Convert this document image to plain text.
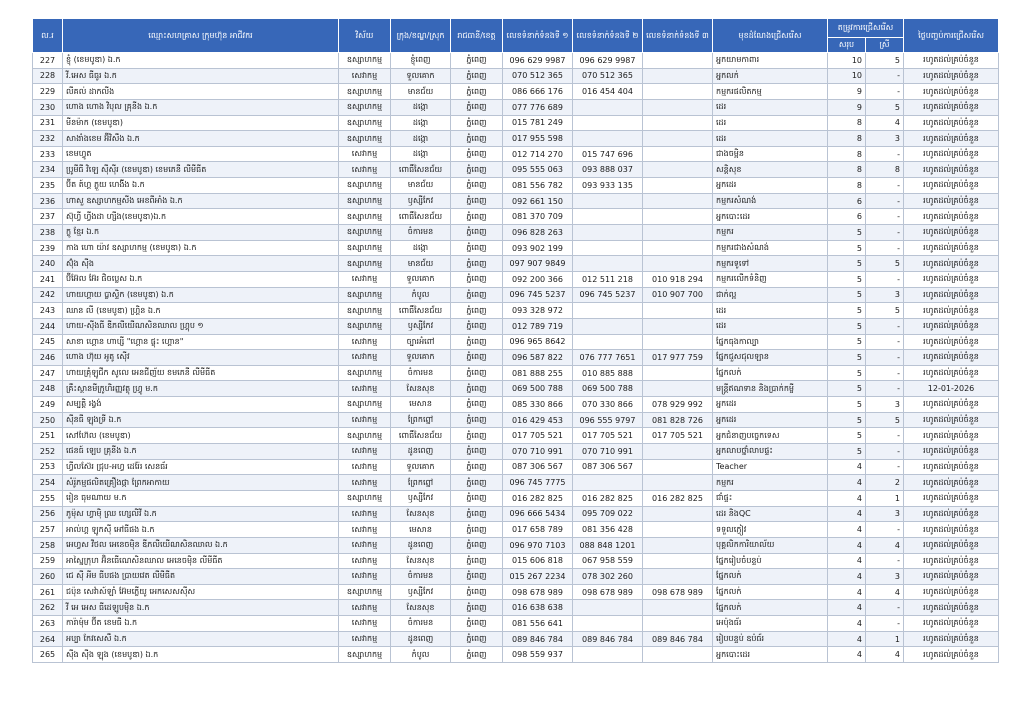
ល.រ	ឈ្មោះសហគ្រាស ក្រុមហ៊ុន អាជីវករ	វិស័យ	ក្រុង/ខណ្ឌ/ស្រុក	រាជធានី/ខេត្ត	លេខទំនាក់ទំនងទី ១	លេខទំនាក់ទំនងទី ២	លេខទំនាក់ទំនងទី ៣	មុខដំណែងជ្រើសរើស	តម្រូវការជ្រើសរើស		ថ្ងៃបញ្ចប់ការជ្រើសរើស
									សរុប	ស្រី	
227	ខ្ញុំ (ខេមបូឌា) ឯ.ក	ឧស្សាហកម្ម	ខ្ញុំពេញ	ភ្នំពេញ	096 629 9987	096 629 9987		អ្នកយាមកាពារ	10	5	រហូតដល់គ្រប់ចំនួន
228	វី.អេស ធីធូរ ឯ.ក	សេវាកម្ម	ទួលគោក	ភ្នំពេញ	070 512 365	070 512 365		អ្នកលក់	10	-	រហូតដល់គ្រប់ចំនួន
229	លីគល់ ដាកលីង	ឧស្សាហកម្ម	មានជ័យ	ភ្នំពេញ	086 666 176	016 454 404		កម្មករផលិតកម្ម	9	-	រហូតដល់គ្រប់ចំនួន
230	ហោង ហោង វិបុល គ្រុនីង ឯ.ក	ឧស្សាហកម្ម	ដង្កោ	ភ្នំពេញ	077 776 689			ដេរ	9	5	រហូតដល់គ្រប់ចំនួន
231	មីនម៉ាក (ខេមបូឌា)	ឧស្សាហកម្ម	ដង្កោ	ភ្នំពេញ	015 781 249			ដេរ	8	4	រហូតដល់គ្រប់ចំនួន
232	សាងាំងខេម អ៊ីវិសឹង ឯ.ក	ឧស្សាហកម្ម	ដង្កោ	ភ្នំពេញ	017 955 598			ដេរ	8	3	រហូតដល់គ្រប់ចំនួន
233	ខេមហ្វូត	សេវាកម្ម	ដង្កោ	ភ្នំពេញ	012 714 270	015 747 696		ជាងចម្អិន	8	-	រហូតដល់គ្រប់ចំនួន
234	ប្រូមីធី វិឡេ ស៊ីស៊ីរ (ខេមបូឌា) ខេមភេនី លីមីធីត	សេវាកម្ម	ពោធិ៍សែនជ័យ	ភ្នំពេញ	095 555 063	093 888 037		សន្តិសុខ	8	8	រហូតដល់គ្រប់ចំនួន
235	ប៊ីត ត៍ហ្គ ភ្លួយ ហេង៍ីង ឯ.ក	ឧស្សាហកម្ម	មានជ័យ	ភ្នំពេញ	081 556 782	093 933 135		អ្នកដេរ	8	-	រហូតដល់គ្រប់ចំនួន
236	ហាសួ ឧស្សាហកម្មសីង អេខពីអាំង ឯ.ក	ឧស្សាហកម្ម	ឫស្សីកែវ	ភ្នំពេញ	092 661 150			កម្មករសំណង់	6	-	រហូតដល់គ្រប់ចំនួន
237	ស៊ុហ្វី ហ្វីងដា ហ្សីង(ខេមបូឌា)ឯ.ក	ឧស្សាហកម្ម	ពោធិ៍សែនជ័យ	ភ្នំពេញ	081 370 709			អ្នកបោះដេរ	6	-	រហូតដល់គ្រប់ចំនួន
238	ក្លូ ខ្មែរ ឯ.ក	ឧស្សាហកម្ម	ចំការមន	ភ្នំពេញ	096 828 263			កម្មករ	5	-	រហូតដល់គ្រប់ចំនួន
239	កាង ហោ យ៉ាវ ឧស្សាហកម្ម (ខេមបូឌា) ឯ.ក	ឧស្សាហកម្ម	ដង្កោ	ភ្នំពេញ	093 902 199			កម្មករជាងសំណង់	5	-	រហូតដល់គ្រប់ចំនួន
240	ស៊ុំង ស៊ីង	ឧស្សាហកម្ម	មានជ័យ	ភ្នំពេញ	097 907 9849			កម្មករទូទៅ	5	5	រហូតដល់គ្រប់ចំនួន
241	ប៊ីអ៊ែល អ៊ែរ ផិចប្លេស ឯ.ក	សេវាកម្ម	ទួលគោក	ភ្នំពេញ	092 200 366	012 511 218	010 918 294	កម្មករលើកទំនិញ	5	-	រហូតដល់គ្រប់ចំនួន
242	ហាយហ្គាយ ប្លាស្ទិក (ខេមបូឌា) ឯ.ក	ឧស្សាហកម្ម	កំបូល	ភ្នំពេញ	096 745 5237	096 745 5237	010 907 700	ជាក់ល្អ	5	3	រហូតដល់គ្រប់ចំនួន
243	ឈាន លី (ខេមបូឌា) ហ្គ្រិន ឯ.ក	ឧស្សាហកម្ម	ពោធិ៍សែនជ័យ	ភ្នំពេញ	093 328 972			ដេរ	5	5	រហូតដល់គ្រប់ចំនួន
244	ហាយ-ស៊ីងធី ឌីភលីយើណសិនឈាល ហ្គ្រុប ១	ឧស្សាហកម្ម	ឫស្សីកែវ	ភ្នំពេញ	012 789 719			ដេរ	5	-	រហូតដល់គ្រប់ចំនួន
245	សាខា ហ្គោន ហាប្សី "ហ្គោន ផ្លុះ ហ្គោន"	សេវាកម្ម	ច្បារអំពៅ	ភ្នំពេញ	096 965 8642			ផ្នែកធុងកាល្បា	5	-	រហូតដល់គ្រប់ចំនួន
246	ហោង ហ៊ុយ អូតូ ស៊ើវ	សេវាកម្ម	ទួលគោក	ភ្នំពេញ	096 587 822	076 777 7651	017 977 759	ផ្នែកជួសជុលឡាន	5	-	រហូតដល់គ្រប់ចំនួន
247	ហាយគ្រុំឡូជីក សូលេ អេនជីញ័យ ខមភេនី លីមីធីត	ឧស្សាហកម្ម	ចំការមន	ភ្នំពេញ	081 888 255	010 885 888		ផ្នែកលក់	5	-	រហូតដល់គ្រប់ចំនួន
248	គ្រឹះស្ថានមីក្រូហិរញ្ញវត្ថុ ហ្វ្រូ ម.ក	សេវាកម្ម	សែនសុខ	ភ្នំពេញ	069 500 788	069 500 788		មន្ត្រីឥណទាន និងប្រាក់កម្ចី	5	-	12-01-2026
249	សម្បត្តិ រង្វង់	ឧស្សាហកម្ម	មេសាន	ភ្នំពេញ	085 330 866	070 330 866	078 929 992	អ្នកដេរ	5	3	រហូតដល់គ្រប់ចំនួន
250	ស៊ីនធី ឡុងទ្រី ឯ.ក	សេវាកម្ម	ព្រែកព្នៅ	ភ្នំពេញ	016 429 453	096 555 9797	081 828 726	អ្នកដេរ	5	5	រហូតដល់គ្រប់ចំនួន
251	សៅហ៊ែល (ខេមបូឌា)	ឧស្សាហកម្ម	ពោធិ៍សែនជ័យ	ភ្នំពេញ	017 705 521	017 705 521	017 705 521	អ្នកជំនាញបច្ចេកទេស	5	-	រហូតដល់គ្រប់ចំនួន
252	ផេនធ៍ ឡេប គ្រុនីង ឯ.ក	សេវាកម្ម	ដូនពេញ	ភ្នំពេញ	070 710 991	070 710 991		អ្នកលាបថ្នាំលាបផ្ទះ	5	-	រហូតដល់គ្រប់ចំនួន
253	ហ្វីលស៊ែរ ជ្រុប-អហ្វ ដេរ៉ែរ សេនធ័រ	សេវាកម្ម	ទួលគោក	ភ្នំពេញ	087 306 567	087 306 567		Teacher	4	-	រហូតដល់គ្រប់ចំនួន
254	សំរ៉ូភម្មផលិតគ្រឿងផ្កា ព្រែកអាកាយ	សេវាកម្ម	ព្រែកព្នៅ	ភ្នំពេញ	096 745 7775			កម្មករ	4	2	រហូតដល់គ្រប់ចំនួន
255	រៀន ធុមណាយ ម.ក	ឧស្សាហកម្ម	ឫស្សីកែវ	ភ្នំពេញ	016 282 825	016 282 825	016 282 825	ជាំផ្ទះ	4	1	រហូតដល់គ្រប់ចំនួន
256	ភូម៉ុស ហ្វាម៉ិ ឈ្រ ហ្សេលិវី ឯ.ក	សេវាកម្ម	សែនសុខ	ភ្នំពេញ	096 666 5434	095 709 022		ដេរ និងQC	4	3	រហូតដល់គ្រប់ចំនួន
257	អាល់ហ្គ ឡូកស៊ី អៅធីផង ឯ.ក	សេវាកម្ម	មេសាន	ភ្នំពេញ	017 658 789	081 356 428		ទទួលភ្ញៀវ	4	-	រហូតដល់គ្រប់ចំនួន
258	អេហ្វស វីថល អេនេចម៉ិន ឌីភលីយើណសិនឈាល ឯ.ក	សេវាកម្ម	ដូនពេញ	ភ្នំពេញ	096 970 7103	088 848 1201		បុគ្គលិកការិយាល័យ	4	4	រហូតដល់គ្រប់ចំនួន
259	អាស្នៃក្រុហ អ៊ិនធើណេសិនឈាល អេនេចម៉ិន លីមីធីត	សេវាកម្ម	សែនសុខ	ភ្នំពេញ	015 606 818	067 958 559		ផ្នែករៀបចំបន្ទប់	4	-	រហូតដល់គ្រប់ចំនួន
260	ជេ ស៊ី អីម ធីបផង ប្រាយវេត លីមីធីត	សេវាកម្ម	ចំការមន	ភ្នំពេញ	015 267 2234	078 302 260		ផ្នែកលក់	4	3	រហូតដល់គ្រប់ចំនួន
261	ជប៉ុន សេវ៉ាស៍ឡាំ អ៊ែមភ្លើយូ អេកសេសស៊ីស	ឧស្សាហកម្ម	ឫស្សីកែវ	ភ្នំពេញ	098 678 989	098 678 989	098 678 989	ផ្នែកលក់	4	4	រហូតដល់គ្រប់ចំនួន
262	វី អេ អេស ធីដេឡូបម៉ិន ឯ.ក	សេវាកម្ម	សែនសុខ	ភ្នំពេញ	016 638 638			ផ្នែកលក់	4	-	រហូតដល់គ្រប់ចំនួន
263	ការ៉ាម៉ុម ប៊ីត ខេមធី ឯ.ក	សេវាកម្ម	ចំការមន	ភ្នំពេញ	081 556 641			អេប៉ុងធ័រ	4	-	រហូតដល់គ្រប់ចំនួន
264	អប្បា កែវសេសឹ ឯ.ក	សេវាកម្ម	ដូនពេញ	ភ្នំពេញ	089 846 784	089 846 784	089 846 784	រៀបបន្ទប់ ឧប៉ធ័រ	4	1	រហូតដល់គ្រប់ចំនួន
265	ស៊ីង ស៊ីង ឡុង (ខេមបូឌា) ឯ.ក	ឧស្សាហកម្ម	កំបូល	ភ្នំពេញ	098 559 937			អ្នកបោះដេរ	4	4	រហូតដល់គ្រប់ចំនួន
